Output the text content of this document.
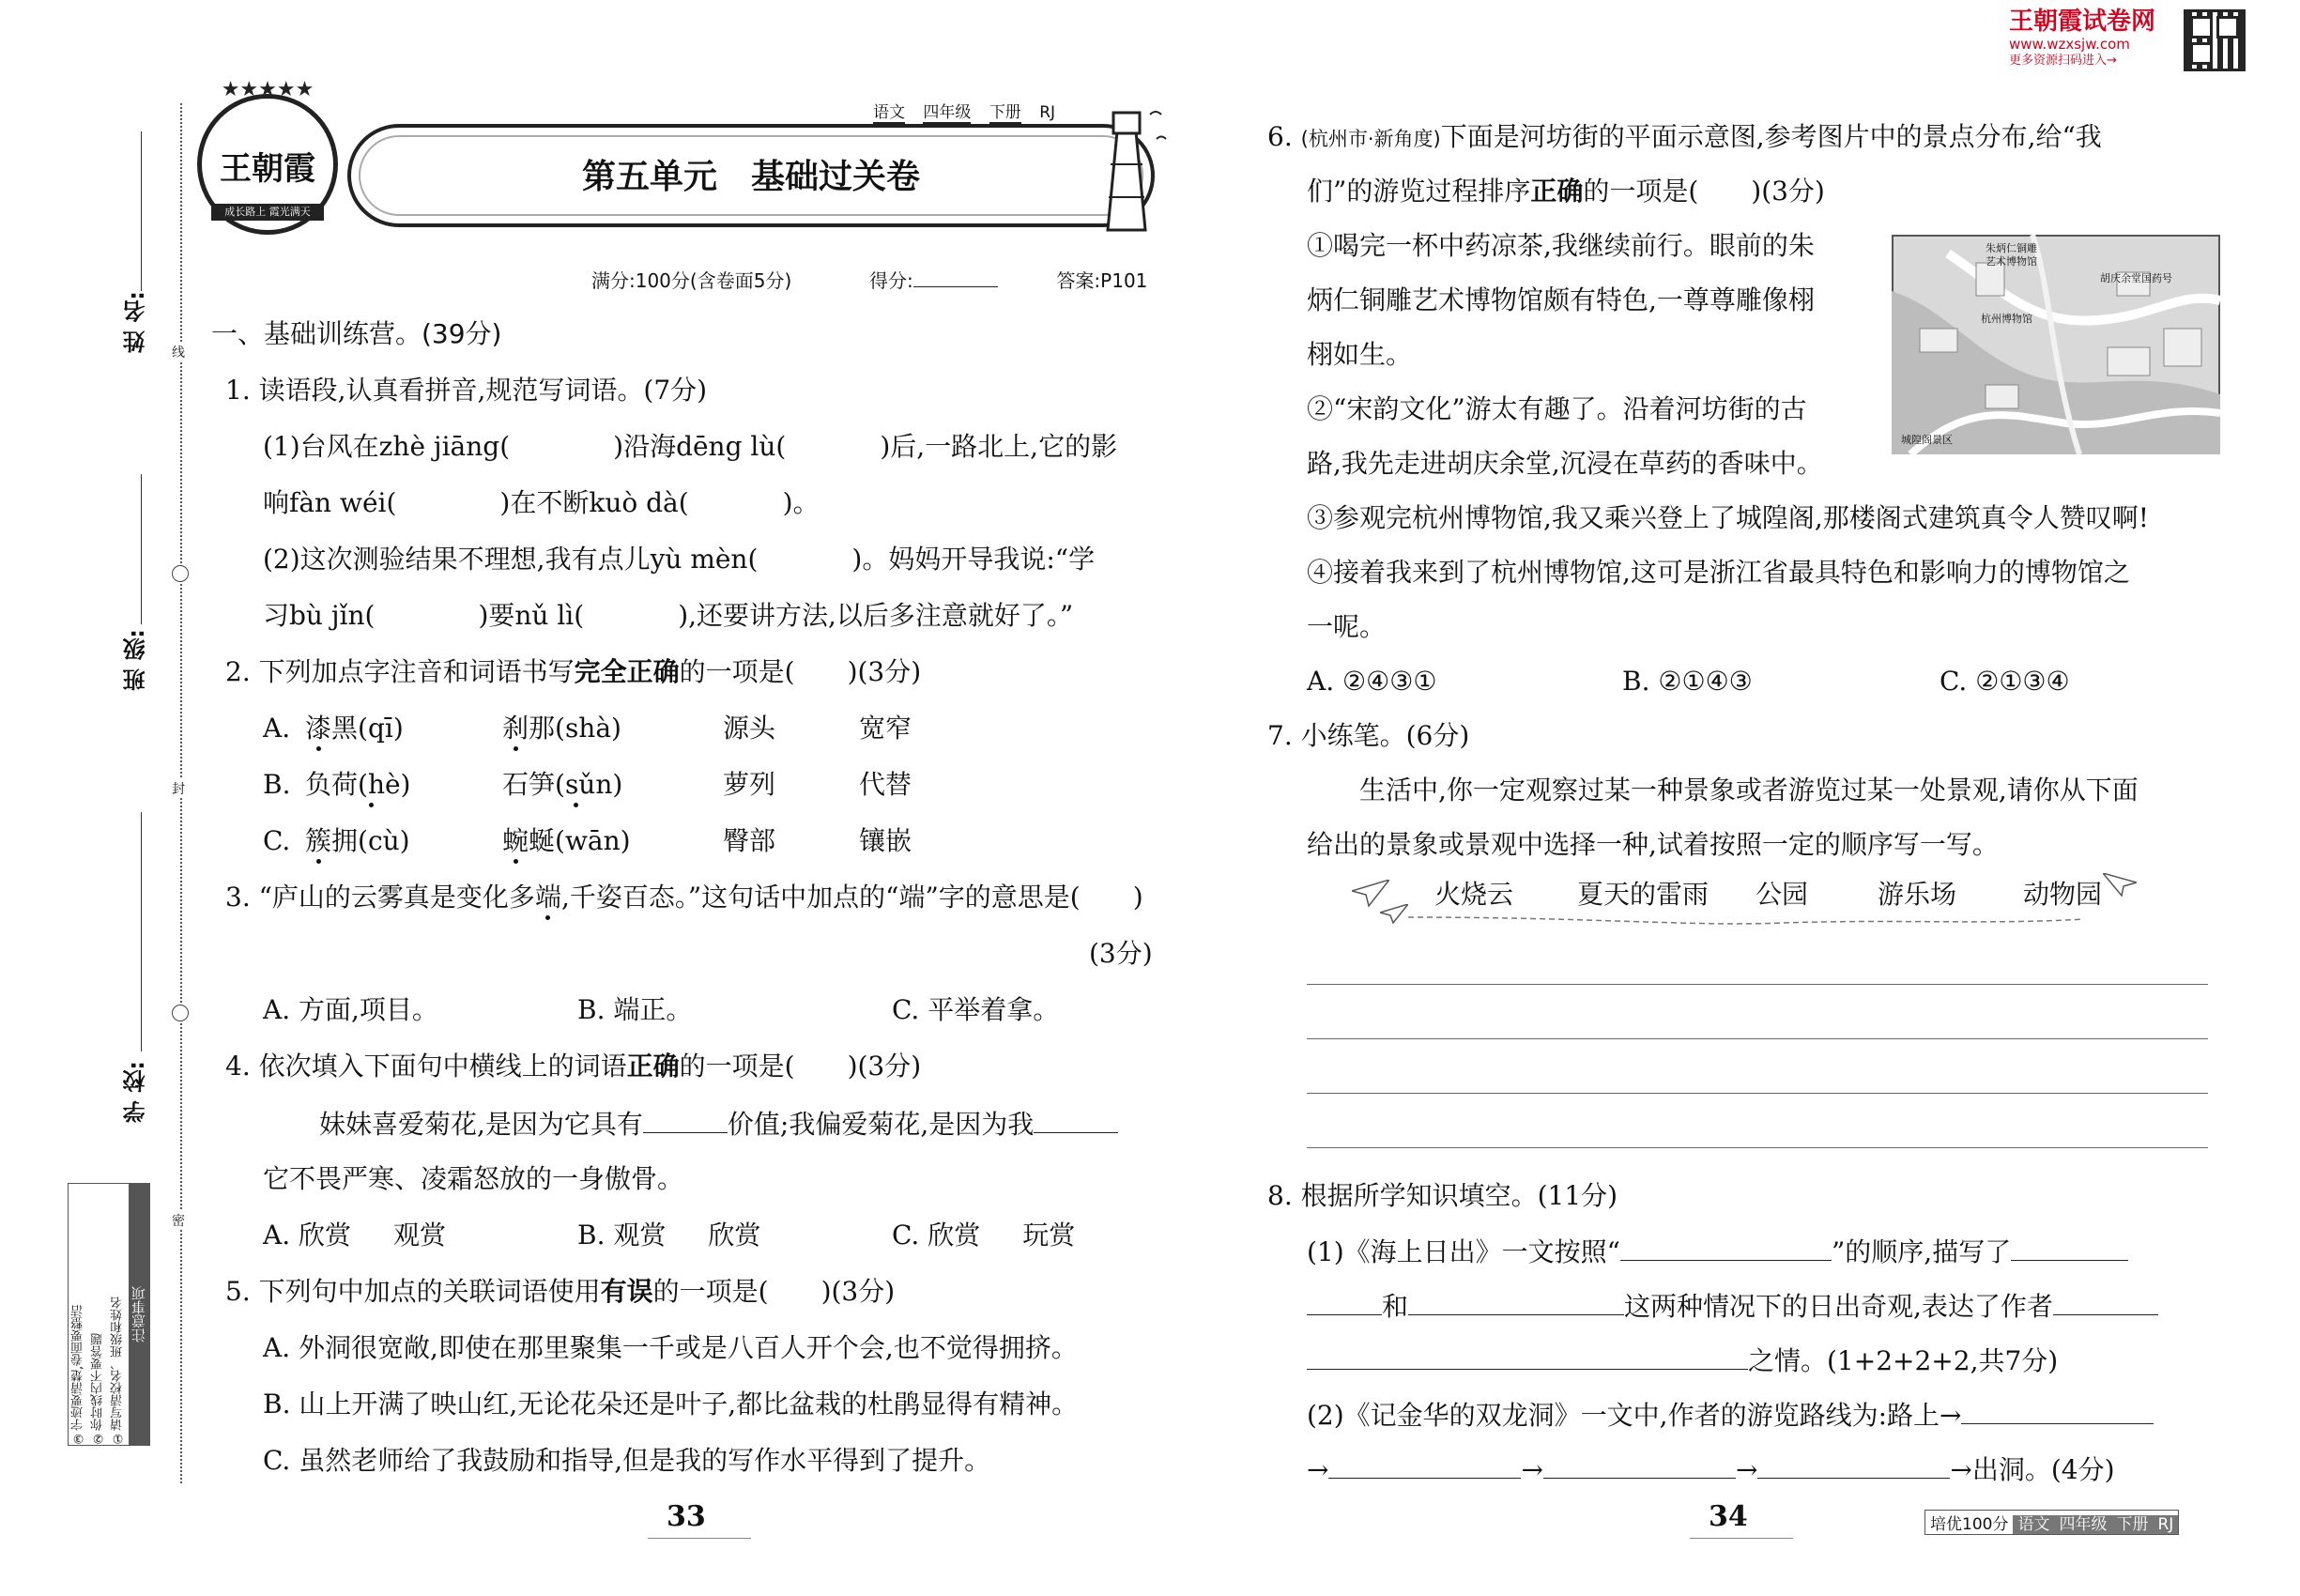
王朝霞试卷网
www.wzxsjw.com
更多资源扫码进入→
姓 名:
班 级:
学 校:
线
封
密
注意事项
①请写清校名、班级和姓名
②你时线内不要答题
③字迹要清楚,卷面要整洁
★★★★★
王朝霞
成长路上 霞光满天
第五单元　基础过关卷
语文 四年级 下册 RJ
满分:100分(含卷面5分)	得分:	答案:P101
一、基础训练营。(39分)
1. 读语段,认真看拼音,规范写词语。(7分)
(1)台风在zhè jiāng(	)沿海dēng lù(	)后,一路北上,它的影
响fàn wéi(	)在不断kuò dà(	)。
(2)这次测验结果不理想,我有点儿yù mèn(	)。妈妈开导我说:“学
习bù jǐn(	)要nǔ lì(	),还要讲方法,以后多注意就好了。”
2. 下列加点字注音和词语书写完全正确的一项是(　　)(3分)
A. 漆黑(qī)	刹那(shà)	源头	宽窄
B. 负荷(hè)	石笋(sǔn)	萝列	代替
C. 簇拥(cù)	蜿蜒(wān)	臀部	镶嵌
3. “庐山的云雾真是变化多端,千姿百态。”这句话中加点的“端”字的意思是(　　)
(3分)
A. 方面,项目。	B. 端正。	C. 平举着拿。
4. 依次填入下面句中横线上的词语正确的一项是(　　)(3分)
妹妹喜爱菊花,是因为它具有	价值;我偏爱菊花,是因为我
它不畏严寒、凌霜怒放的一身傲骨。
A. 欣赏 观赏	B. 观赏 欣赏	C. 欣赏 玩赏
5. 下列句中加点的关联词语使用有误的一项是(　　)(3分)
A. 外洞很宽敞,即使在那里聚集一千或是八百人开个会,也不觉得拥挤。
B. 山上开满了映山红,无论花朵还是叶子,都比盆栽的杜鹃显得有精神。
C. 虽然老师给了我鼓励和指导,但是我的写作水平得到了提升。
6. (杭州市·新角度)下面是河坊街的平面示意图,参考图片中的景点分布,给“我
们”的游览过程排序正确的一项是(　　)(3分)
①喝完一杯中药凉茶,我继续前行。眼前的朱
炳仁铜雕艺术博物馆颇有特色,一尊尊雕像栩
栩如生。
②“宋韵文化”游太有趣了。沿着河坊街的古
路,我先走进胡庆余堂,沉浸在草药的香味中。
③参观完杭州博物馆,我又乘兴登上了城隍阁,那楼阁式建筑真令人赞叹啊!
④接着我来到了杭州博物馆,这可是浙江省最具特色和影响力的博物馆之
一呢。
A. ②④③①	B. ②①④③	C. ②①③④
朱炳仁铜雕
艺术博物馆
胡庆余堂国药号
杭州博物馆
城隍阁景区
7. 小练笔。(6分)
生活中,你一定观察过某一种景象或者游览过某一处景观,请你从下面
给出的景象或景观中选择一种,试着按照一定的顺序写一写。
火烧云 夏天的雷雨 公园	游乐场	动物园
8. 根据所学知识填空。(11分)
(1)《海上日出》一文按照“	”的顺序,描写了
和	这两种情况下的日出奇观,表达了作者
之情。(1+2+2+2,共7分)
(2)《记金华的双龙洞》一文中,作者的游览路线为:路上→
→	→	→	→出洞。(4分)
33	34	培优100分 语文 四年级 下册 RJ
